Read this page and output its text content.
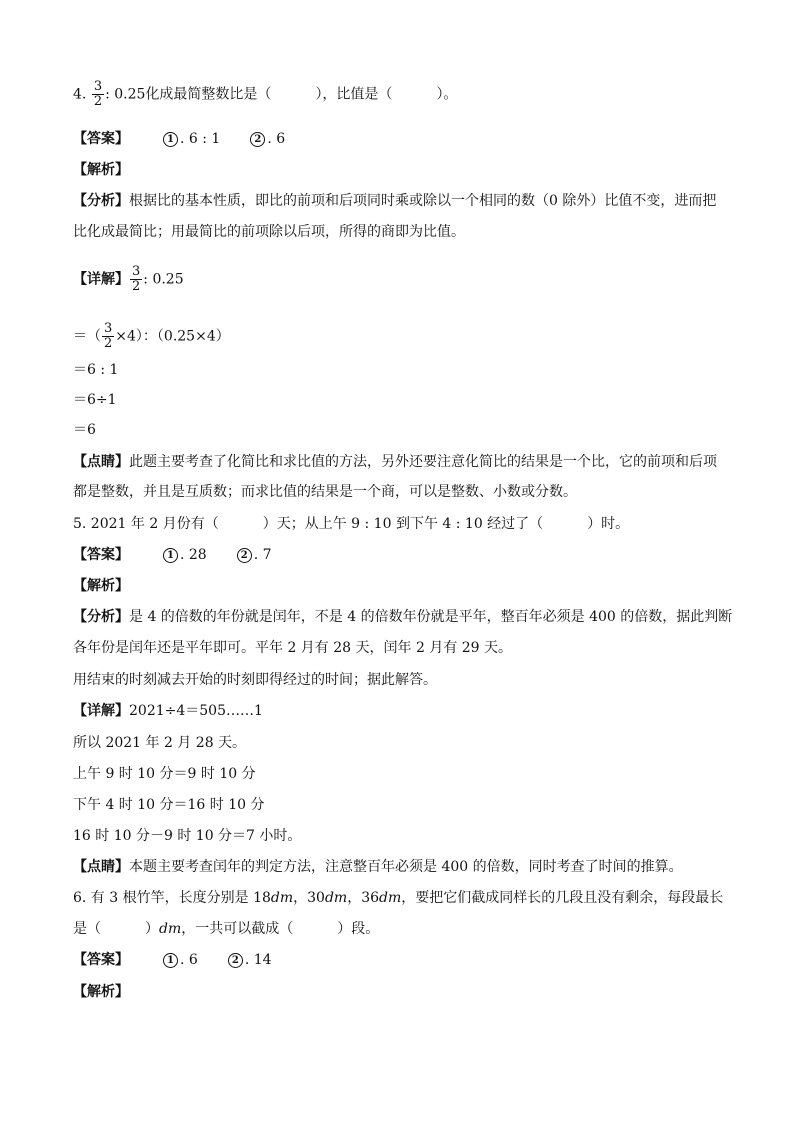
4. $\frac{3}{2}$ : 0.25化成最简整数比是（	），比值是（	）。
【答案】	1 . 6 : 1	2 . 6
【解析】
【分析】根据比的基本性质，即比的前项和后项同时乘或除以一个相同的数（0 除外）比值不变，进而把
比化成最简比；用最简比的前项除以后项，所得的商即为比值。
【详解】 $\frac{3}{2}$ : 0.25
＝（ $\frac{3}{2} \times 4$）：（0.25×4）
＝6 : 1
＝6÷1
＝6
【点睛】此题主要考查了化简比和求比值的方法，另外还要注意化简比的结果是一个比，它的前项和后项
都是整数，并且是互质数；而求比值的结果是一个商，可以是整数、小数或分数。
5. 2021 年 2 月份有（	）天；从上午 9 : 10 到下午 4 : 10 经过了（	）时。
【答案】	1 . 28	2 . 7
【解析】
【分析】是 4 的倍数的年份就是闰年，不是 4 的倍数年份就是平年，整百年必须是 400 的倍数，据此判断
各年份是闰年还是平年即可。平年 2 月有 28 天，闰年 2 月有 29 天。
用结束的时刻减去开始的时刻即得经过的时间；据此解答。
【详解】2021÷4＝505……1
所以 2021 年 2 月 28 天。
上午 9 时 10 分＝9 时 10 分
下午 4 时 10 分＝16 时 10 分
16 时 10 分－9 时 10 分＝7 小时。
【点睛】本题主要考查闰年的判定方法，注意整百年必须是 400 的倍数，同时考查了时间的推算。
6. 有 3 根竹竿，长度分别是 18dm，30dm，36dm，要把它们截成同样长的几段且没有剩余，每段最长
是（	）dm，一共可以截成（	）段。
【答案】	1 . 6	2 . 14
【解析】
